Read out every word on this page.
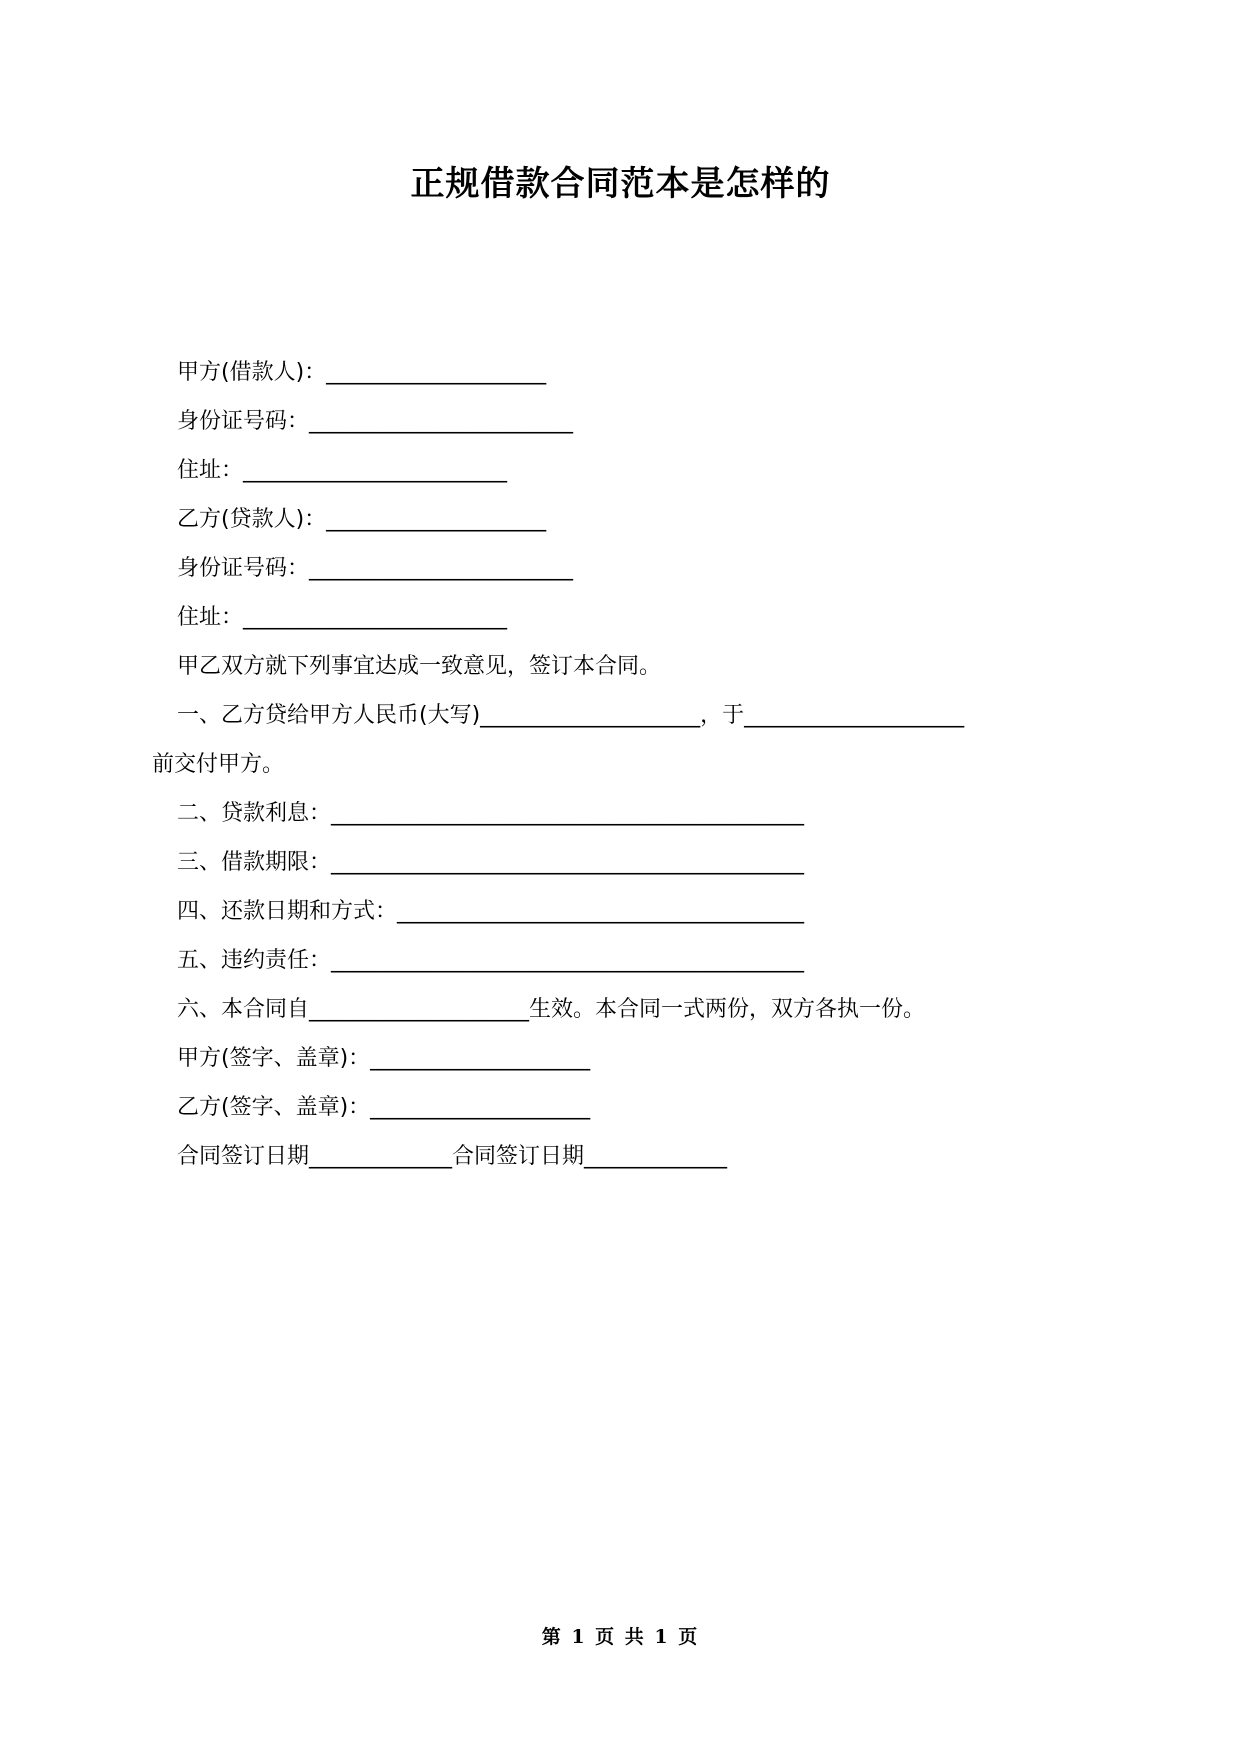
正规借款合同范本是怎样的

甲方(借款人)：____________________

身份证号码：________________________

住址：________________________

乙方(贷款人)：____________________

身份证号码：________________________

住址：________________________

甲乙双方就下列事宜达成一致意见，签订本合同。

一、乙方贷给甲方人民币(大写)____________________，于____________________

前交付甲方。

二、贷款利息：___________________________________________

三、借款期限：___________________________________________

四、还款日期和方式：_____________________________________

五、违约责任：___________________________________________

六、本合同自____________________生效。本合同一式两份，双方各执一份。

甲方(签字、盖章)：____________________

乙方(签字、盖章)：____________________

合同签订日期_____________合同签订日期_____________

第 1 页 共 1 页
